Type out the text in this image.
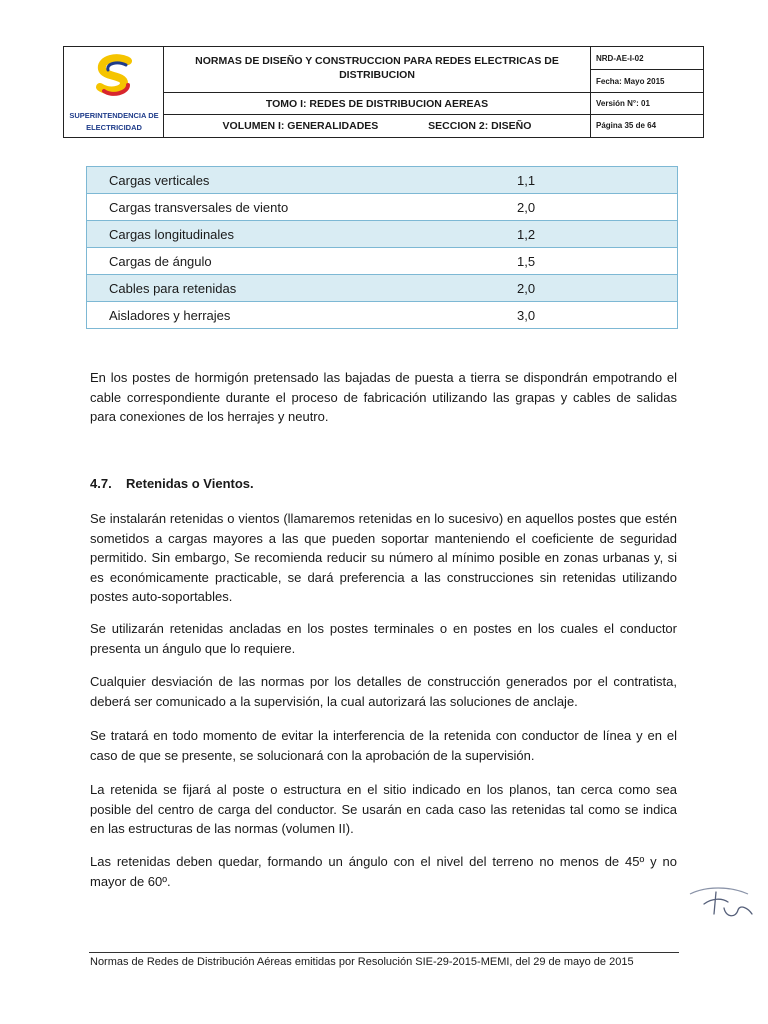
SUPERINTENDENCIA DE ELECTRICIDAD
NORMAS DE DISEÑO Y CONSTRUCCION PARA REDES ELECTRICAS DE DISTRIBUCION
TOMO I: REDES DE DISTRIBUCION AEREAS
VOLUMEN I: GENERALIDADES	SECCION 2: DISEÑO
NRD-AE-I-02
Fecha: Mayo 2015
Versión N°: 01
Página 35 de 64
Cargas verticales	1,1
Cargas transversales de viento	2,0
Cargas longitudinales	1,2
Cargas de ángulo	1,5
Cables para retenidas	2,0
Aisladores y herrajes	3,0
En los postes de hormigón pretensado las bajadas de puesta a tierra se dispondrán empotrando el cable correspondiente durante el proceso de fabricación utilizando las grapas y cables de salidas para conexiones de los herrajes y neutro.
4.7. Retenidas o Vientos.
Se instalarán retenidas o vientos (llamaremos retenidas en lo sucesivo) en aquellos postes que estén sometidos a cargas mayores a las que pueden soportar manteniendo el coeficiente de seguridad permitido. Sin embargo, Se recomienda reducir su número al mínimo posible en zonas urbanas y, si es económicamente practicable, se dará preferencia a las construcciones sin retenidas utilizando postes auto-soportables.
Se utilizarán retenidas ancladas en los postes terminales o en postes en los cuales el conductor presenta un ángulo que lo requiere.
Cualquier desviación de las normas por los detalles de construcción generados por el contratista, deberá ser comunicado a la supervisión, la cual autorizará las soluciones de anclaje.
Se tratará en todo momento de evitar la interferencia de la retenida con conductor de línea y en el caso de que se presente, se solucionará con la aprobación de la supervisión.
La retenida se fijará al poste o estructura en el sitio indicado en los planos, tan cerca como sea posible del centro de carga del conductor. Se usarán en cada caso las retenidas tal como se indica en las estructuras de las normas (volumen II).
Las retenidas deben quedar, formando un ángulo con el nivel del terreno no menos de 45º y no mayor de 60º.
Normas de Redes de Distribución Aéreas emitidas por Resolución SIE-29-2015-MEMI, del 29 de mayo de 2015
